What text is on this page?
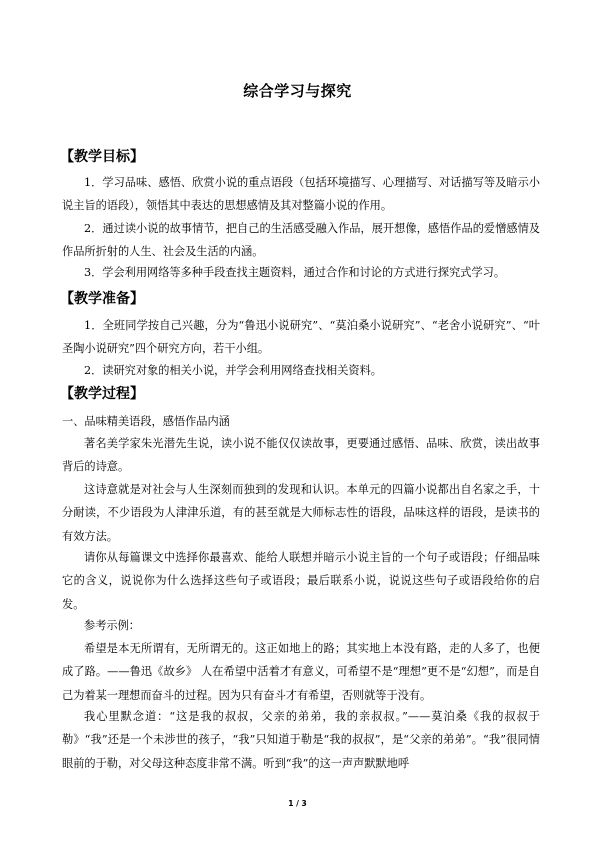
综合学习与探究
【教学目标】
1．学习品味、感悟、欣赏小说的重点语段（包括环境描写、心理描写、对话描写等及暗示小说主旨的语段），领悟其中表达的思想感情及其对整篇小说的作用。
2．通过读小说的故事情节，把自己的生活感受融入作品，展开想像，感悟作品的爱憎感情及作品所折射的人生、社会及生活的内涵。
3．学会利用网络等多种手段查找主题资料，通过合作和讨论的方式进行探究式学习。
【教学准备】
1．全班同学按自己兴趣，分为“鲁迅小说研究”、“莫泊桑小说研究”、“老舍小说研究”、“叶圣陶小说研究”四个研究方向，若干小组。
2．读研究对象的相关小说，并学会利用网络查找相关资料。
【教学过程】
一、品味精美语段，感悟作品内涵
著名美学家朱光潜先生说，读小说不能仅仅读故事，更要通过感悟、品味、欣赏，读出故事背后的诗意。
这诗意就是对社会与人生深刻而独到的发现和认识。本单元的四篇小说都出自名家之手，十分耐读，不少语段为人津津乐道，有的甚至就是大师标志性的语段，品味这样的语段，是读书的有效方法。
请你从每篇课文中选择你最喜欢、能给人联想并暗示小说主旨的一个句子或语段；仔细品味它的含义，说说你为什么选择这些句子或语段；最后联系小说，说说这些句子或语段给你的启发。
参考示例：
希望是本无所谓有，无所谓无的。这正如地上的路；其实地上本没有路，走的人多了，也便成了路。——鲁迅《故乡》 人在希望中活着才有意义，可希望不是“理想”更不是“幻想”，而是自己为着某一理想而奋斗的过程。因为只有奋斗才有希望，否则就等于没有。
我心里默念道：“这是我的叔叔，父亲的弟弟，我的亲叔叔。”——莫泊桑《我的叔叔于勒》“我”还是一个未涉世的孩子，“我”只知道于勒是“我的叔叔”，是“父亲的弟弟”。“我”很同情眼前的于勒，对父母这种态度非常不满。听到“我”的这一声声默默地呼
1 / 3
